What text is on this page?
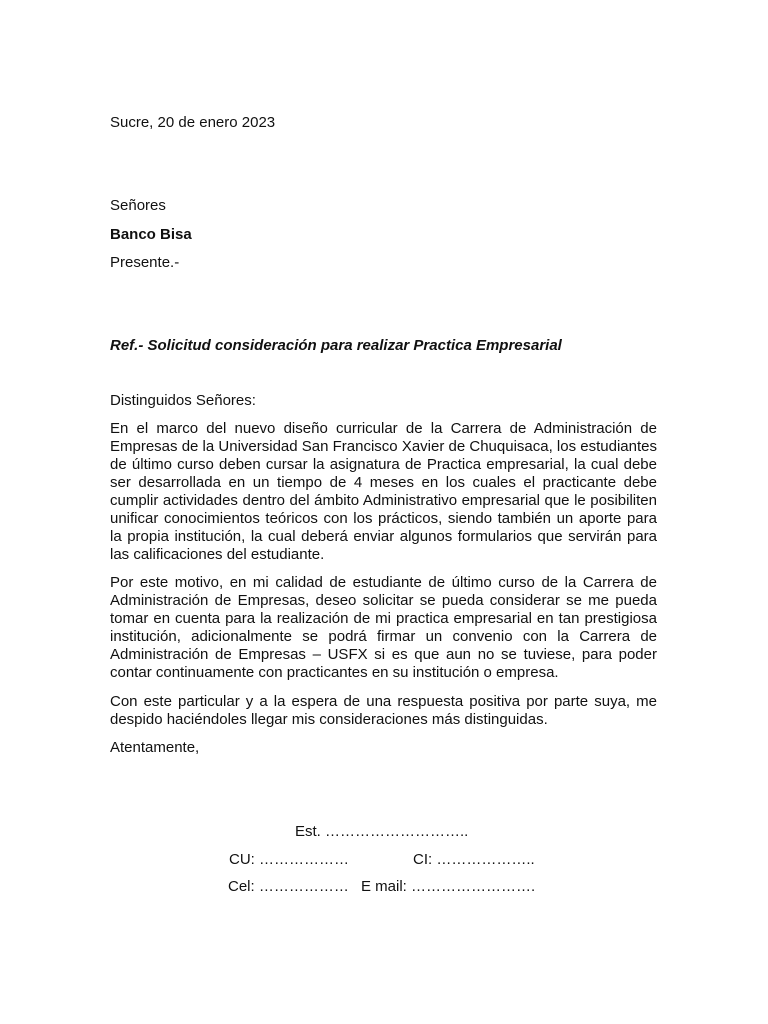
Sucre, 20 de enero 2023
Señores
Banco Bisa
Presente.-
Ref.- Solicitud consideración para realizar Practica Empresarial
Distinguidos Señores:

En el marco del nuevo diseño curricular de la Carrera de Administración de Empresas de la Universidad San Francisco Xavier de Chuquisaca, los estudiantes de último curso deben cursar la asignatura de Practica empresarial, la cual debe ser desarrollada en un tiempo de 4 meses en los cuales el practicante debe cumplir actividades dentro del ámbito Administrativo empresarial que le posibiliten unificar conocimientos teóricos con los prácticos, siendo también un aporte para la propia institución, la cual deberá enviar algunos formularios que servirán para las calificaciones del estudiante.

Por este motivo, en mi calidad de estudiante de último curso de la Carrera de Administración de Empresas, deseo solicitar se pueda considerar se me pueda tomar en cuenta para la realización de mi practica empresarial en tan prestigiosa institución, adicionalmente se podrá firmar un convenio con la Carrera de Administración de Empresas – USFX si es que aun no se tuviese, para poder contar continuamente con practicantes en su institución o empresa.

Con este particular y a la espera de una respuesta positiva por parte suya, me despido haciéndoles llegar mis consideraciones más distinguidas.

Atentamente,
Est. ………………………..
CU: ………………	CI: ………………..
Cel: ……………… E mail: …………………….
